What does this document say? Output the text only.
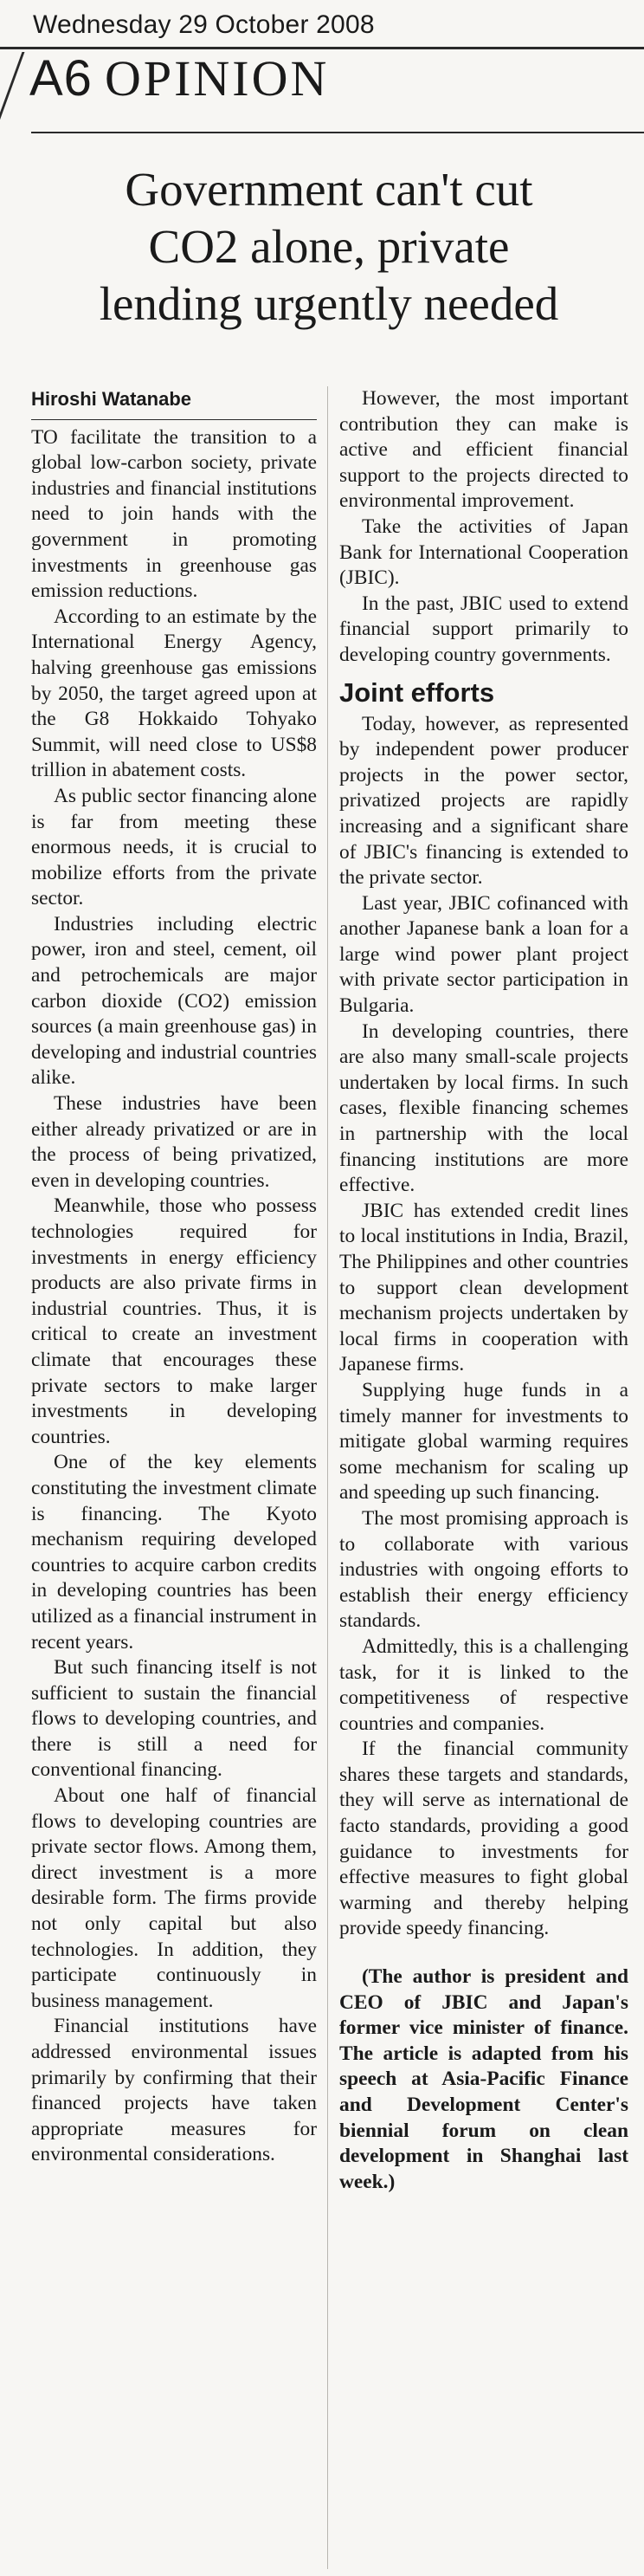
Wednesday 29 October 2008
A6 OPINION
Government can't cut
CO2 alone, private
lending urgently needed
Hiroshi Watanabe

TO facilitate the transition to a global low-carbon society, private industries and financial institutions need to join hands with the government in promoting investments in greenhouse gas emission reductions.

According to an estimate by the International Energy Agency, halving greenhouse gas emissions by 2050, the target agreed upon at the G8 Hokkaido Tohyako Summit, will need close to US$8 trillion in abatement costs.

As public sector financing alone is far from meeting these enormous needs, it is crucial to mobilize efforts from the private sector.

Industries including electric power, iron and steel, cement, oil and petrochemicals are major carbon dioxide (CO2) emission sources (a main greenhouse gas) in developing and industrial countries alike.

These industries have been either already privatized or are in the process of being privatized, even in developing countries.

Meanwhile, those who possess technologies required for investments in energy efficiency products are also private firms in industrial countries. Thus, it is critical to create an investment climate that encourages these private sectors to make larger investments in developing countries.

One of the key elements constituting the investment climate is financing. The Kyoto mechanism requiring developed countries to acquire carbon credits in developing countries has been utilized as a financial instrument in recent years.

But such financing itself is not sufficient to sustain the financial flows to developing countries, and there is still a need for conventional financing.

About one half of financial flows to developing countries are private sector flows. Among them, direct investment is a more desirable form. The firms provide not only capital but also technologies. In addition, they participate continuously in business management.

Financial institutions have addressed environmental issues primarily by confirming that their financed projects have taken appropriate measures for environmental considerations.

However, the most important contribution they can make is active and efficient financial support to the projects directed to environmental improvement.

Take the activities of Japan Bank for International Cooperation (JBIC).

In the past, JBIC used to extend financial support primarily to developing country governments.

Joint efforts

Today, however, as represented by independent power producer projects in the power sector, privatized projects are rapidly increasing and a significant share of JBIC's financing is extended to the private sector.

Last year, JBIC cofinanced with another Japanese bank a loan for a large wind power plant project with private sector participation in Bulgaria.

In developing countries, there are also many small-scale projects undertaken by local firms. In such cases, flexible financing schemes in partnership with the local financing institutions are more effective.

JBIC has extended credit lines to local institutions in India, Brazil, The Philippines and other countries to support clean development mechanism projects undertaken by local firms in cooperation with Japanese firms.

Supplying huge funds in a timely manner for investments to mitigate global warming requires some mechanism for scaling up and speeding up such financing.

The most promising approach is to collaborate with various industries with ongoing efforts to establish their energy efficiency standards.

Admittedly, this is a challenging task, for it is linked to the competitiveness of respective countries and companies.

If the financial community shares these targets and standards, they will serve as international de facto standards, providing a good guidance to investments for effective measures to fight global warming and thereby helping provide speedy financing.

(The author is president and CEO of JBIC and Japan's former vice minister of finance. The article is adapted from his speech at Asia-Pacific Finance and Development Center's biennial forum on clean development in Shanghai last week.)
